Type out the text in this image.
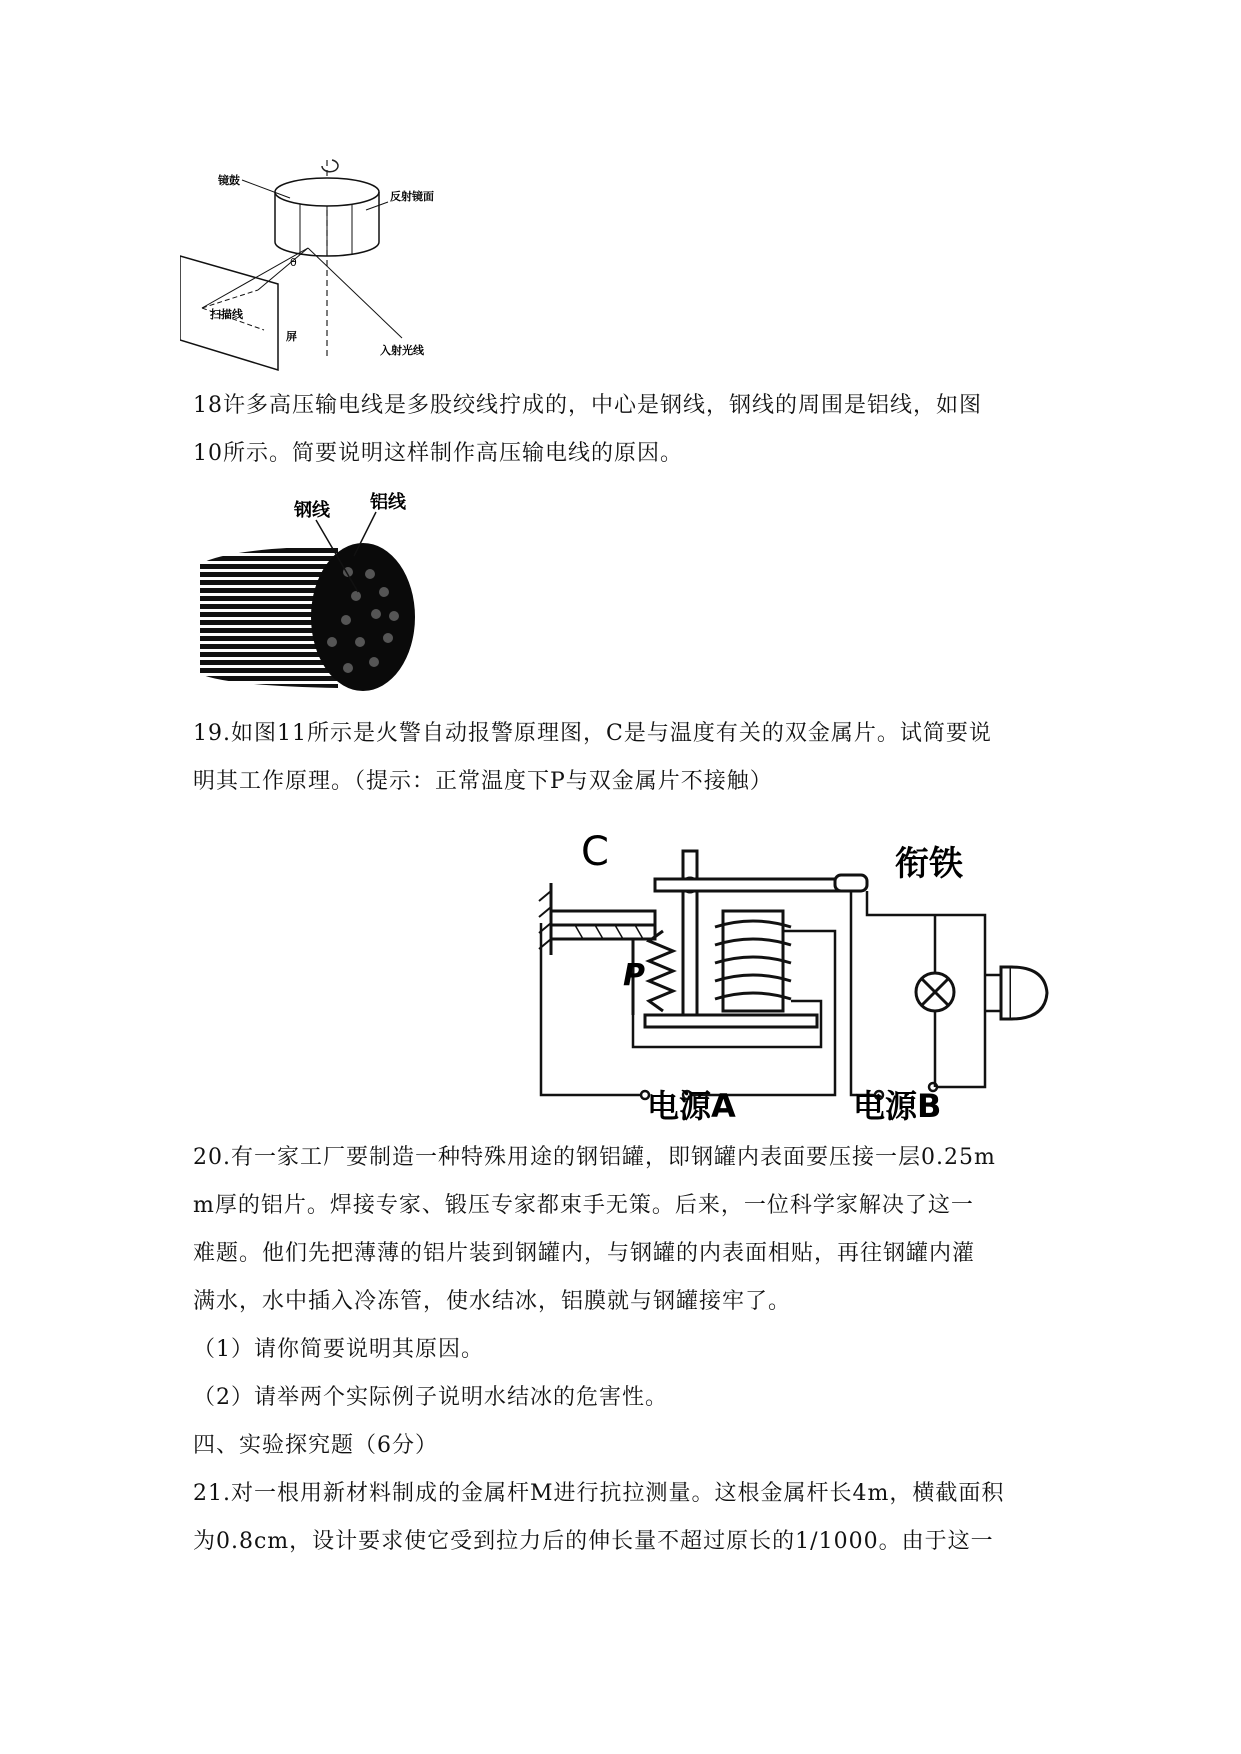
镜鼓
反射镜面
θ
扫描线
屏
入射光线

18许多高压输电线是多股绞线拧成的，中心是钢线，钢线的周围是铝线，如图
10所示。简要说明这样制作高压输电线的原因。

钢线 铝线

19.如图11所示是火警自动报警原理图，C是与温度有关的双金属片。试简要说
明其工作原理。（提示：正常温度下P与双金属片不接触）

C
P
衔铁
电源A	电源B

20.有一家工厂要制造一种特殊用途的钢铝罐，即钢罐内表面要压接一层0.25m
m厚的铝片。焊接专家、锻压专家都束手无策。后来，一位科学家解决了这一
难题。他们先把薄薄的铝片装到钢罐内，与钢罐的内表面相贴，再往钢罐内灌
满水，水中插入冷冻管，使水结冰，铝膜就与钢罐接牢了。
（1）请你简要说明其原因。
（2）请举两个实际例子说明水结冰的危害性。
四、实验探究题（6分）
21.对一根用新材料制成的金属杆M进行抗拉测量。这根金属杆长4m，横截面积
为0.8cm，设计要求使它受到拉力后的伸长量不超过原长的1/1000。由于这一
